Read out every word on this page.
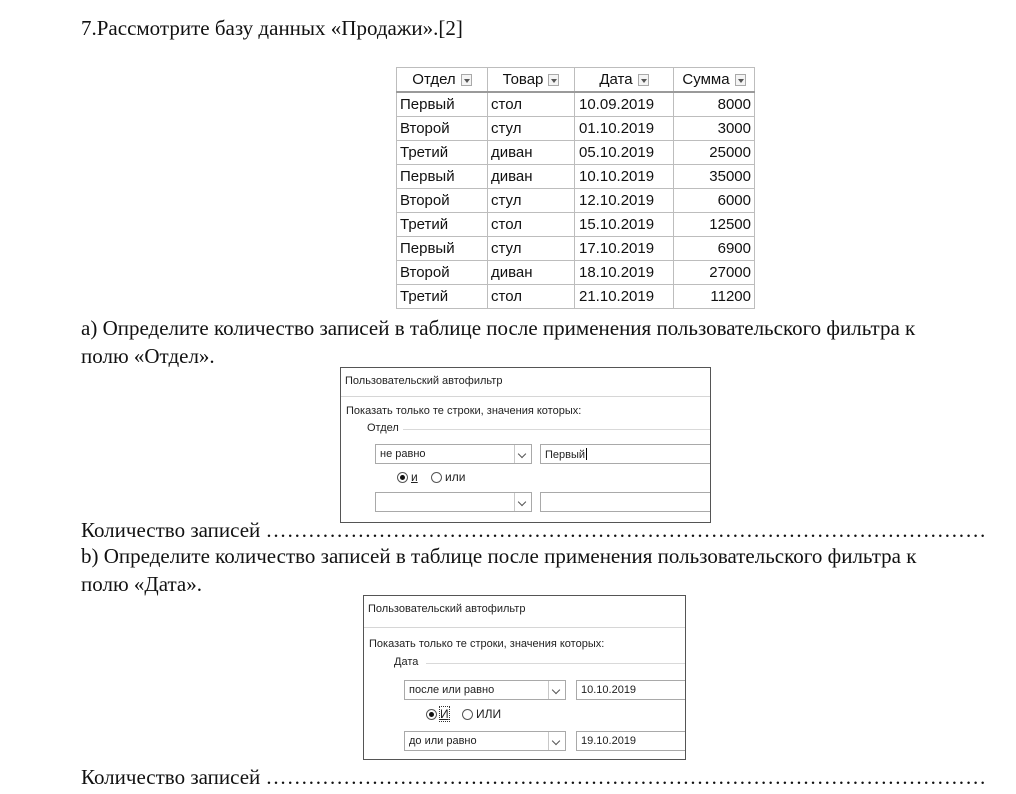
7.Рассмотрите базу данных «Продажи».[2]
Отдел	Товар	Дата	Сумма

Первый	стол	10.09.2019	8000
Второй	стул	01.10.2019	3000
Третий	диван	05.10.2019	25000
Первый	диван	10.10.2019	35000
Второй	стул	12.10.2019	6000
Третий	стол	15.10.2019	12500
Первый	стул	17.10.2019	6900
Второй	диван	18.10.2019	27000
Третий	стол	21.10.2019	11200
a) Определите количество записей в таблице после применения пользовательского фильтра к
полю «Отдел».
Пользовательский автофильтр
Показать только те строки, значения которых:
Отдел
не равно	Первый
и или
Количество записей …………………………………………………………………………………………
b) Определите количество записей в таблице после применения пользовательского фильтра к
полю «Дата».
Пользовательский автофильтр
Показать только те строки, значения которых:
Дата
после или равно	10.10.2019
И ИЛИ
до или равно	19.10.2019
Количество записей …………………………………………………………………………………………
